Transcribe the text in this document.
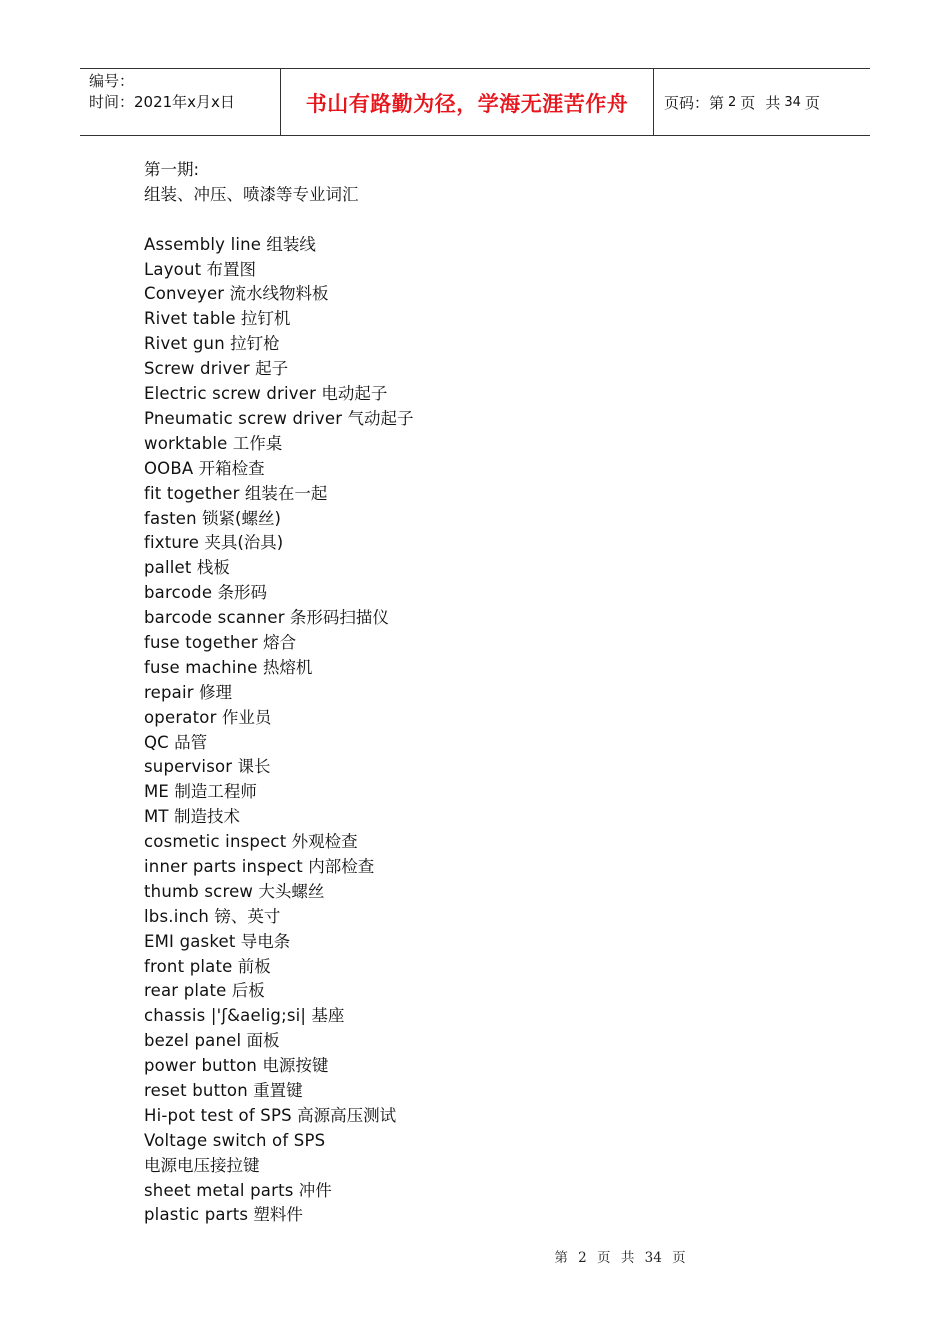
编号：
时间：2021年x月x日	书山有路勤为径，学海无涯苦作舟 页码：第 2 页 共 34 页
第一期:
组装、冲压、喷漆等专业词汇
Assembly line 组装线
Layout 布置图
Conveyer 流水线物料板
Rivet table 拉钉机
Rivet gun 拉钉枪
Screw driver 起子
Electric screw driver 电动起子
Pneumatic screw driver 气动起子
worktable 工作桌
OOBA 开箱检查
fit together 组装在一起
fasten 锁紧(螺丝)
fixture 夹具(治具)
pallet 栈板
barcode 条形码
barcode scanner 条形码扫描仪
fuse together 熔合
fuse machine 热熔机
repair 修理
operator 作业员
QC 品管
supervisor 课长
ME 制造工程师
MT 制造技术
cosmetic inspect 外观检查
inner parts inspect 内部检查
thumb screw 大头螺丝
lbs.inch 镑、英寸
EMI gasket 导电条
front plate 前板
rear plate 后板
chassis |'ʃ&aelig;si| 基座
bezel panel 面板
power button 电源按键
reset button 重置键
Hi-pot test of SPS 高源高压测试
Voltage switch of SPS
电源电压接拉键
sheet metal parts 冲件
plastic parts 塑料件
第 2 页 共 34 页
